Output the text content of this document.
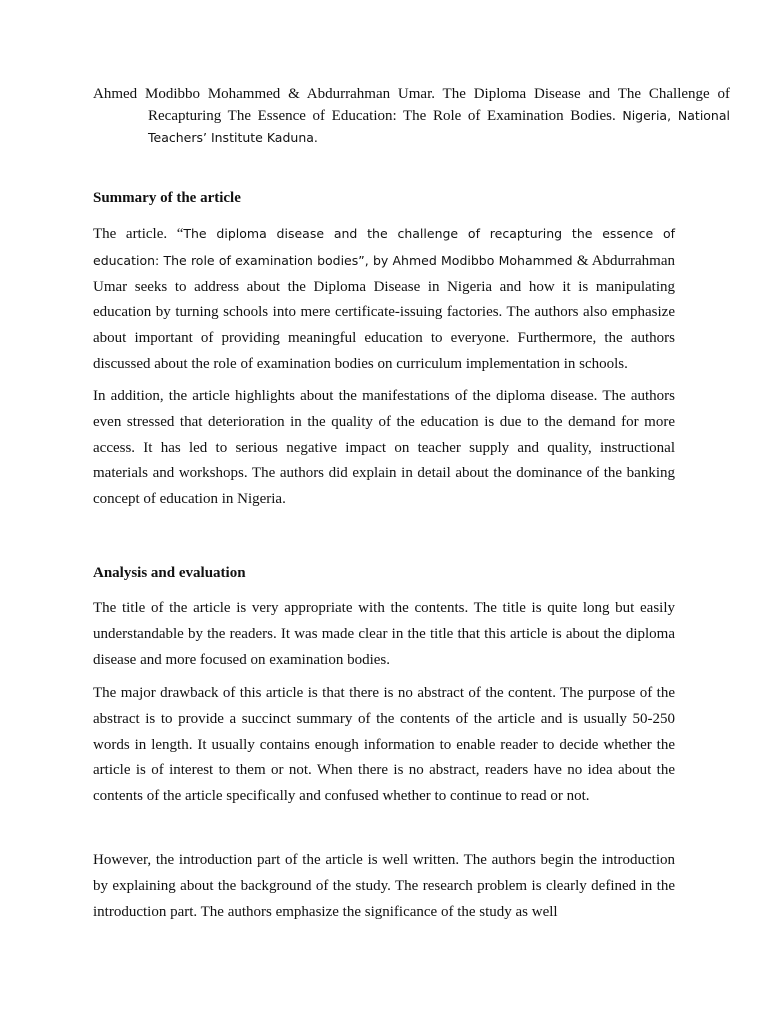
Ahmed Modibbo Mohammed & Abdurrahman Umar. The Diploma Disease and The Challenge of Recapturing The Essence of Education: The Role of Examination Bodies. Nigeria, National Teachers’ Institute Kaduna.

Summary of the article

The article. “The diploma disease and the challenge of recapturing the essence of education: The role of examination bodies”, by Ahmed Modibbo Mohammed & Abdurrahman Umar seeks to address about the Diploma Disease in Nigeria and how it is manipulating education by turning schools into mere certificate-issuing factories. The authors also emphasize about important of providing meaningful education to everyone. Furthermore, the authors discussed about the role of examination bodies on curriculum implementation in schools.

In addition, the article highlights about the manifestations of the diploma disease. The authors even stressed that deterioration in the quality of the education is due to the demand for more access. It has led to serious negative impact on teacher supply and quality, instructional materials and workshops. The authors did explain in detail about the dominance of the banking concept of education in Nigeria.

Analysis and evaluation

The title of the article is very appropriate with the contents. The title is quite long but easily understandable by the readers. It was made clear in the title that this article is about the diploma disease and more focused on examination bodies.

The major drawback of this article is that there is no abstract of the content. The purpose of the abstract is to provide a succinct summary of the contents of the article and is usually 50-250 words in length. It usually contains enough information to enable reader to decide whether the article is of interest to them or not. When there is no abstract, readers have no idea about the contents of the article specifically and confused whether to continue to read or not.

However, the introduction part of the article is well written. The authors begin the introduction by explaining about the background of the study. The research problem is clearly defined in the introduction part. The authors emphasize the significance of the study as well
